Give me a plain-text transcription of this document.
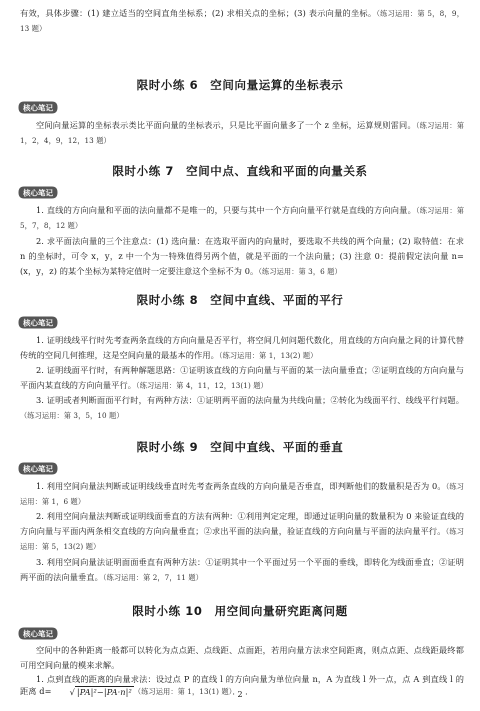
有效，具体步骤：(1) 建立适当的空间直角坐标系；(2) 求相关点的坐标；(3) 表示向量的坐标。（练习运用：第 5，8，9，13 题）

限时小练 6　空间向量运算的坐标表示
核心笔记

空间向量运算的坐标表示类比平面向量的坐标表示，只是比平面向量多了一个 z 坐标，运算规则雷同。（练习运用：第 1，2，4，9，12，13 题）

限时小练 7　空间中点、直线和平面的向量关系
核心笔记

1. 直线的方向向量和平面的法向量都不是唯一的，只要与其中一个方向向量平行就是直线的方向向量。（练习运用：第 5，7，8，12 题）

2. 求平面法向量的三个注意点：(1) 选向量：在选取平面内的向量时，要选取不共线的两个向量；(2) 取特值：在求 n 的坐标时，可令 x，y，z 中一个为一特殊值得另两个值，就是平面的一个法向量；(3) 注意 0：提前假定法向量 n=(x，y，z) 的某个坐标为某特定值时一定要注意这个坐标不为 0。（练习运用：第 3，6 题）

限时小练 8　空间中直线、平面的平行
核心笔记

1. 证明线线平行时先考查两条直线的方向向量是否平行，将空间几何问题代数化，用直线的方向向量之间的计算代替传统的空间几何推理，这是空间向量的最基本的作用。（练习运用：第 1，13(2) 题）

2. 证明线面平行时，有两种解题思路：①证明该直线的方向向量与平面的某一法向量垂直；②证明直线的方向向量与平面内某直线的方向向量平行。（练习运用：第 4，11，12，13(1) 题）

3. 证明或者判断面面平行时，有两种方法：①证明两平面的法向量为共线向量；②转化为线面平行、线线平行问题。（练习运用：第 3，5，10 题）

限时小练 9　空间中直线、平面的垂直
核心笔记

1. 利用空间向量法判断或证明线线垂直时先考查两条直线的方向向量是否垂直，即判断他们的数量积是否为 0。（练习运用：第 1，6 题）

2. 利用空间向量法判断或证明线面垂直的方法有两种：①利用判定定理，即通过证明向量的数量积为 0 来验证直线的方向向量与平面内两条相交直线的方向向量垂直；②求出平面的法向量，验证直线的方向向量与平面的法向量平行。（练习运用：第 5，13(2) 题）

3. 利用空间向量法证明面面垂直有两种方法：①证明其中一个平面过另一个平面的垂线，即转化为线面垂直；②证明两平面的法向量垂直。（练习运用：第 2，7，11 题）

限时小练 10　用空间向量研究距离问题
核心笔记

空间中的各种距离一般都可以转化为点点距、点线距、点面距，若用向量方法求空间距离，则点点距、点线距最终都可用空间向量的模来求解。

1. 点到直线的距离的向量求法：设过点 P 的直线 l 的方向向量为单位向量 n，A 为直线 l 外一点，点 A 到直线 l 的距离 d= √ |PA|²−|PA·n|² （练习运用：第 1，13(1) 题）

· 2 ·
